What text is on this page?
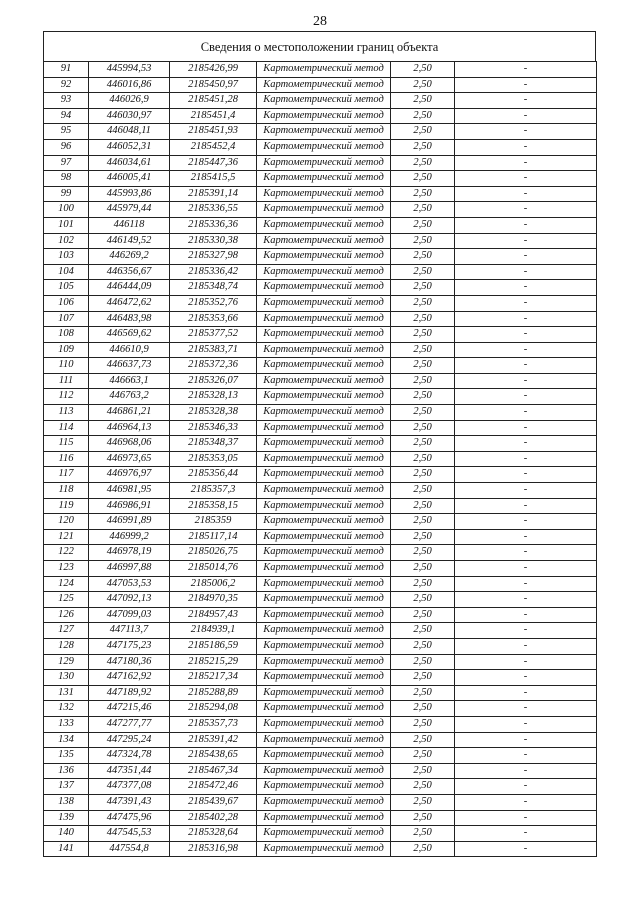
28
Сведения о местоположении границ объекта
91	445994,53	2185426,99	Картометрический метод	2,50	-
92	446016,86	2185450,97	Картометрический метод	2,50	-
93	446026,9	2185451,28	Картометрический метод	2,50	-
94	446030,97	2185451,4	Картометрический метод	2,50	-
95	446048,11	2185451,93	Картометрический метод	2,50	-
96	446052,31	2185452,4	Картометрический метод	2,50	-
97	446034,61	2185447,36	Картометрический метод	2,50	-
98	446005,41	2185415,5	Картометрический метод	2,50	-
99	445993,86	2185391,14	Картометрический метод	2,50	-
100	445979,44	2185336,55	Картометрический метод	2,50	-
101	446118	2185336,36	Картометрический метод	2,50	-
102	446149,52	2185330,38	Картометрический метод	2,50	-
103	446269,2	2185327,98	Картометрический метод	2,50	-
104	446356,67	2185336,42	Картометрический метод	2,50	-
105	446444,09	2185348,74	Картометрический метод	2,50	-
106	446472,62	2185352,76	Картометрический метод	2,50	-
107	446483,98	2185353,66	Картометрический метод	2,50	-
108	446569,62	2185377,52	Картометрический метод	2,50	-
109	446610,9	2185383,71	Картометрический метод	2,50	-
110	446637,73	2185372,36	Картометрический метод	2,50	-
111	446663,1	2185326,07	Картометрический метод	2,50	-
112	446763,2	2185328,13	Картометрический метод	2,50	-
113	446861,21	2185328,38	Картометрический метод	2,50	-
114	446964,13	2185346,33	Картометрический метод	2,50	-
115	446968,06	2185348,37	Картометрический метод	2,50	-
116	446973,65	2185353,05	Картометрический метод	2,50	-
117	446976,97	2185356,44	Картометрический метод	2,50	-
118	446981,95	2185357,3	Картометрический метод	2,50	-
119	446986,91	2185358,15	Картометрический метод	2,50	-
120	446991,89	2185359	Картометрический метод	2,50	-
121	446999,2	2185117,14	Картометрический метод	2,50	-
122	446978,19	2185026,75	Картометрический метод	2,50	-
123	446997,88	2185014,76	Картометрический метод	2,50	-
124	447053,53	2185006,2	Картометрический метод	2,50	-
125	447092,13	2184970,35	Картометрический метод	2,50	-
126	447099,03	2184957,43	Картометрический метод	2,50	-
127	447113,7	2184939,1	Картометрический метод	2,50	-
128	447175,23	2185186,59	Картометрический метод	2,50	-
129	447180,36	2185215,29	Картометрический метод	2,50	-
130	447162,92	2185217,34	Картометрический метод	2,50	-
131	447189,92	2185288,89	Картометрический метод	2,50	-
132	447215,46	2185294,08	Картометрический метод	2,50	-
133	447277,77	2185357,73	Картометрический метод	2,50	-
134	447295,24	2185391,42	Картометрический метод	2,50	-
135	447324,78	2185438,65	Картометрический метод	2,50	-
136	447351,44	2185467,34	Картометрический метод	2,50	-
137	447377,08	2185472,46	Картометрический метод	2,50	-
138	447391,43	2185439,67	Картометрический метод	2,50	-
139	447475,96	2185402,28	Картометрический метод	2,50	-
140	447545,53	2185328,64	Картометрический метод	2,50	-
141	447554,8	2185316,98	Картометрический метод	2,50	-
